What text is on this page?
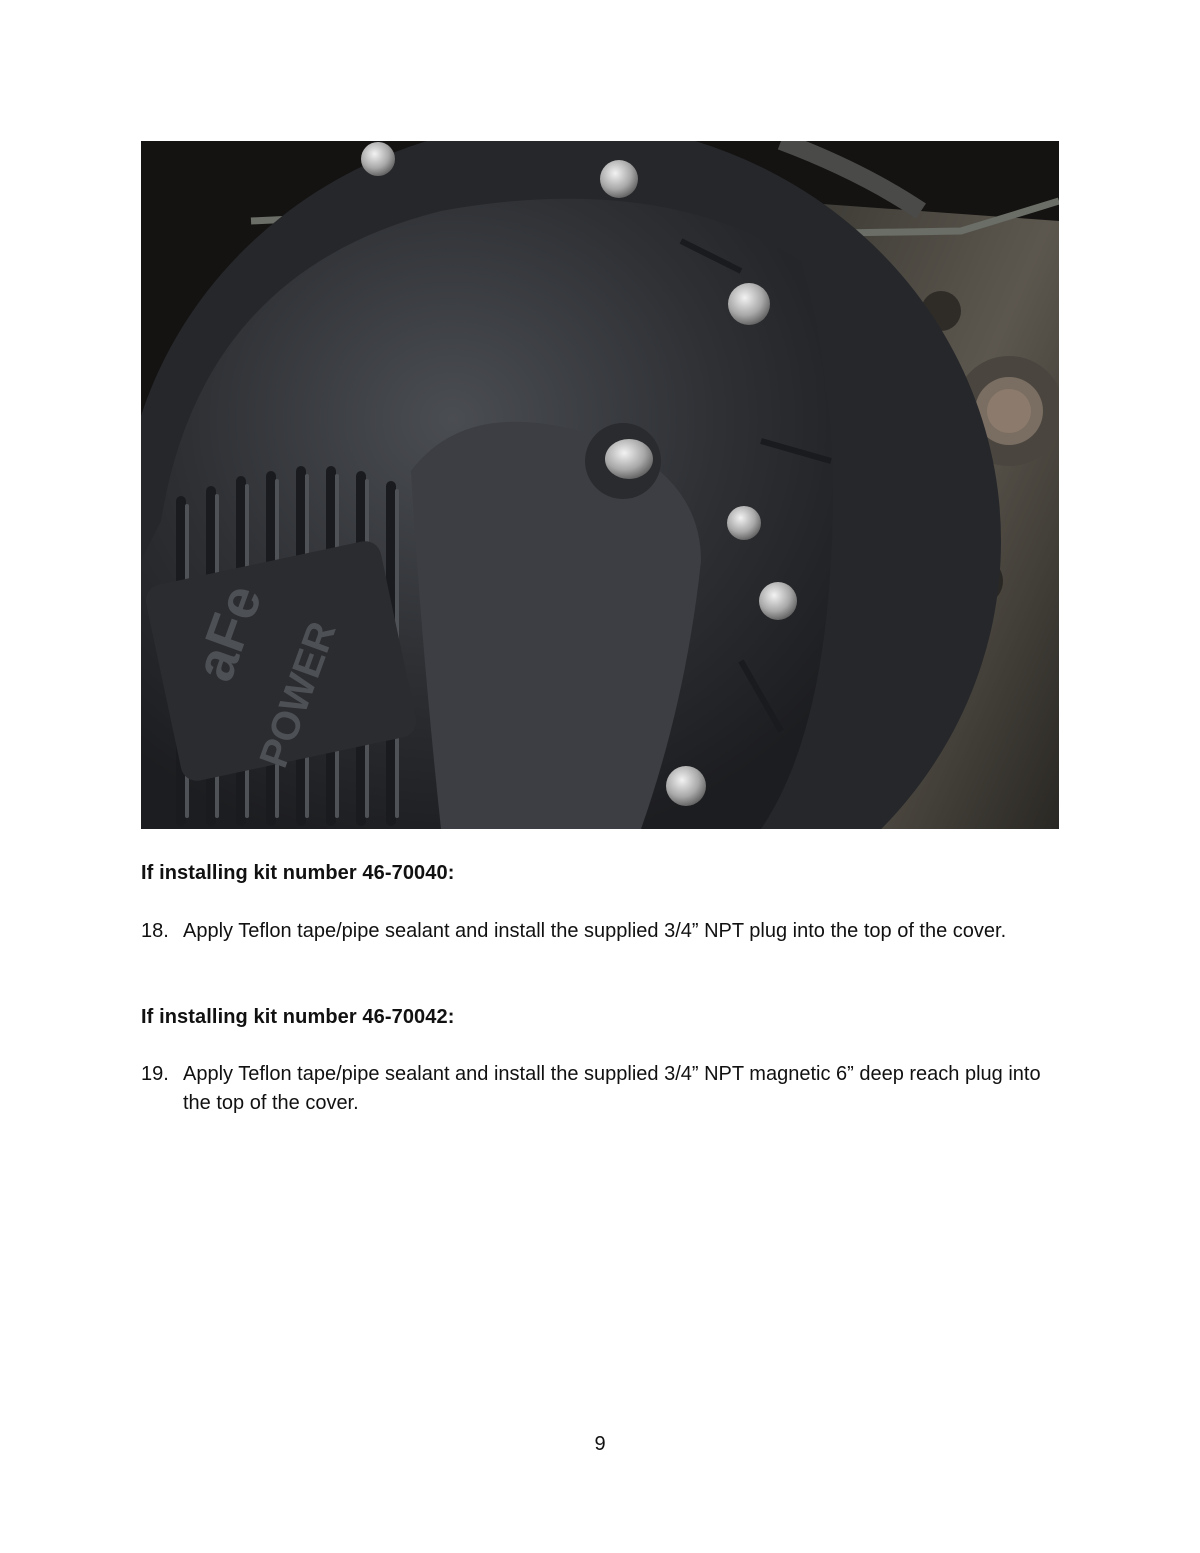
aFe
POWER
If installing kit number 46-70040:
18. Apply Teflon tape/pipe sealant and install the supplied 3/4” NPT plug into the top of the cover.
If installing kit number 46-70042:
19. Apply Teflon tape/pipe sealant and install the supplied 3/4” NPT magnetic 6” deep reach plug into the top of the cover.
9
